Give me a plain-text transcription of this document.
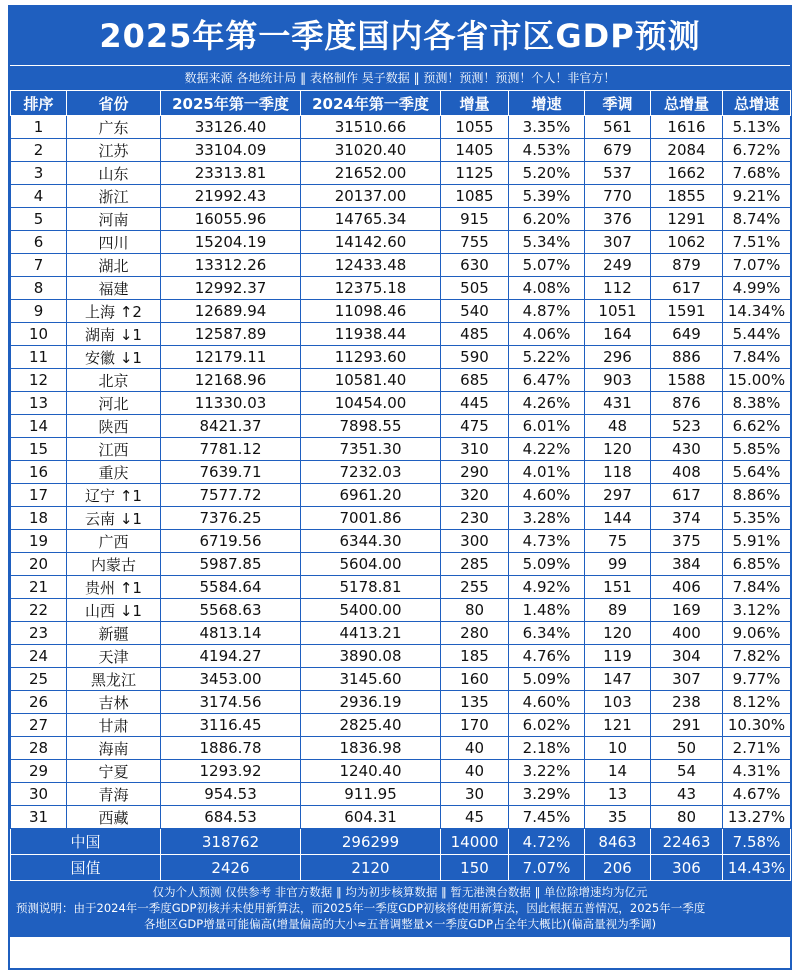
2025年第一季度国内各省市区GDP预测
数据来源 各地统计局 ‖ 表格制作 昊子数据 ‖ 预测！预测！预测！个人！非官方！
排序	省份	2025年第一季度	2024年第一季度	增量	增速	季调	总增量	总增速
1	广东	33126.40	31510.66	1055	3.35%	561	1616	5.13%
2	江苏	33104.09	31020.40	1405	4.53%	679	2084	6.72%
3	山东	23313.81	21652.00	1125	5.20%	537	1662	7.68%
4	浙江	21992.43	20137.00	1085	5.39%	770	1855	9.21%
5	河南	16055.96	14765.34	915	6.20%	376	1291	8.74%
6	四川	15204.19	14142.60	755	5.34%	307	1062	7.51%
7	湖北	13312.26	12433.48	630	5.07%	249	879	7.07%
8	福建	12992.37	12375.18	505	4.08%	112	617	4.99%
9	上海 ↑2	12689.94	11098.46	540	4.87%	1051	1591	14.34%
10	湖南 ↓1	12587.89	11938.44	485	4.06%	164	649	5.44%
11	安徽 ↓1	12179.11	11293.60	590	5.22%	296	886	7.84%
12	北京	12168.96	10581.40	685	6.47%	903	1588	15.00%
13	河北	11330.03	10454.00	445	4.26%	431	876	8.38%
14	陕西	8421.37	7898.55	475	6.01%	48	523	6.62%
15	江西	7781.12	7351.30	310	4.22%	120	430	5.85%
16	重庆	7639.71	7232.03	290	4.01%	118	408	5.64%
17	辽宁 ↑1	7577.72	6961.20	320	4.60%	297	617	8.86%
18	云南 ↓1	7376.25	7001.86	230	3.28%	144	374	5.35%
19	广西	6719.56	6344.30	300	4.73%	75	375	5.91%
20	内蒙古	5987.85	5604.00	285	5.09%	99	384	6.85%
21	贵州 ↑1	5584.64	5178.81	255	4.92%	151	406	7.84%
22	山西 ↓1	5568.63	5400.00	80	1.48%	89	169	3.12%
23	新疆	4813.14	4413.21	280	6.34%	120	400	9.06%
24	天津	4194.27	3890.08	185	4.76%	119	304	7.82%
25	黑龙江	3453.00	3145.60	160	5.09%	147	307	9.77%
26	吉林	3174.56	2936.19	135	4.60%	103	238	8.12%
27	甘肃	3116.45	2825.40	170	6.02%	121	291	10.30%
28	海南	1886.78	1836.98	40	2.18%	10	50	2.71%
29	宁夏	1293.92	1240.40	40	3.22%	14	54	4.31%
30	青海	954.53	911.95	30	3.29%	13	43	4.67%
31	西藏	684.53	604.31	45	7.45%	35	80	13.27%
中国		318762	296299	14000	4.72%	8463	22463	7.58%
国值		2426	2120	150	7.07%	206	306	14.43%
仅为个人预测 仅供参考 非官方数据 ‖ 均为初步核算数据 ‖ 暂无港澳台数据 ‖ 单位除增速均为亿元
预测说明：由于2024年一季度GDP初核并未使用新算法，而2025年一季度GDP初核将使用新算法，因此根据五普情况，2025年一季度
各地区GDP增量可能偏高(增量偏高的大小≈五普调整量×一季度GDP占全年大概比)(偏高量视为季调)
